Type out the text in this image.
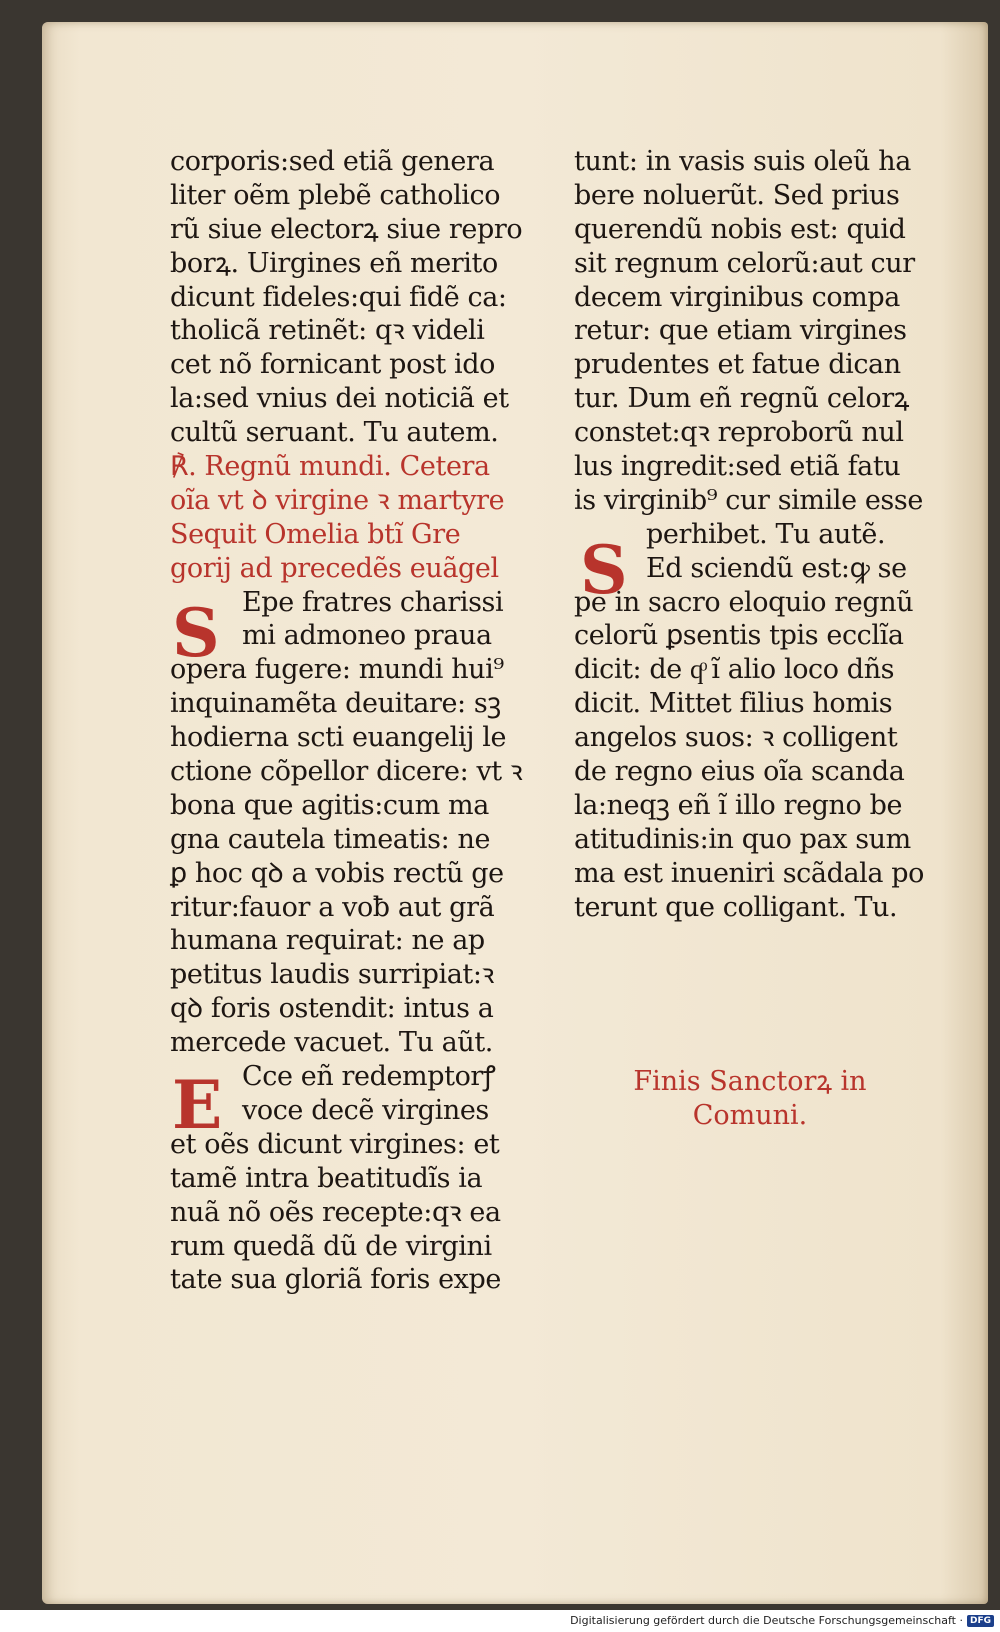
corporis:sed etiã genera
liter oẽm plebẽ catholico
rũ siue electorꝝ siue repro
borꝝ. Uirgines eñ merito
dicunt fideles:qui fidẽ ca:
tholicã retinẽt: qꝛ videli
cet nõ fornicant post ido
la:sed vnius dei noticiã et
cultũ seruant. Tu autem.
℟. Regnũ mundi. Cetera
oĩa vt ꝺ virgine ꝛ martyre
Sequit Omelia btĩ Gre
gorij ad precedẽs euãgel
Epe fratres charissi
mi admoneo praua
opera fugere: mundi hui⁹
inquinamẽta deuitare: sꝫ
hodierna scti euangelij le
ctione cõpellor dicere: vt ꝛ
bona que agitis:cum ma
gna cautela timeatis: ne
ꝑ hoc qꝺ a vobis rectũ ge
ritur:fauor a voƀ aut grã
humana requirat: ne ap
petitus laudis surripiat:ꝛ
qꝺ foris ostendit: intus a
mercede vacuet. Tu aũt.
Cce eñ redemptorꝭ
voce decẽ virgines
et oẽs dicunt virgines: et
tamẽ intra beatitudĩs ia
nuã nõ oẽs recepte:qꝛ ea
rum quedã dũ de virgini
tate sua gloriã foris expe
tunt: in vasis suis oleũ ha
bere noluerũt. Sed prius
querendũ nobis est: quid
sit regnum celorũ:aut cur
decem virginibus compa
retur: que etiam virgines
prudentes et fatue dican
tur. Dum eñ regnũ celorꝝ
constet:qꝛ reproborũ nul
lus ingredit:sed etiã fatu
is virginib⁹ cur simile esse
perhibet. Tu autẽ.
Ed sciendũ est:ꝙ se
pe in sacro eloquio regnũ
celorũ ꝑsentis tpis ecclĩa
dicit: de qͦ ĩ alio loco dñs
dicit. Mittet filius homis
angelos suos: ꝛ colligent
de regno eius oĩa scanda
la:neqꝫ eñ ĩ illo regno be
atitudinis:in quo pax sum
ma est inueniri scãdala po
terunt que colligant. Tu.
S
E
S
Finis Sanctorꝝ in
Comuni.
Digitalisierung gefördert durch die Deutsche Forschungsgemeinschaft · DFG
